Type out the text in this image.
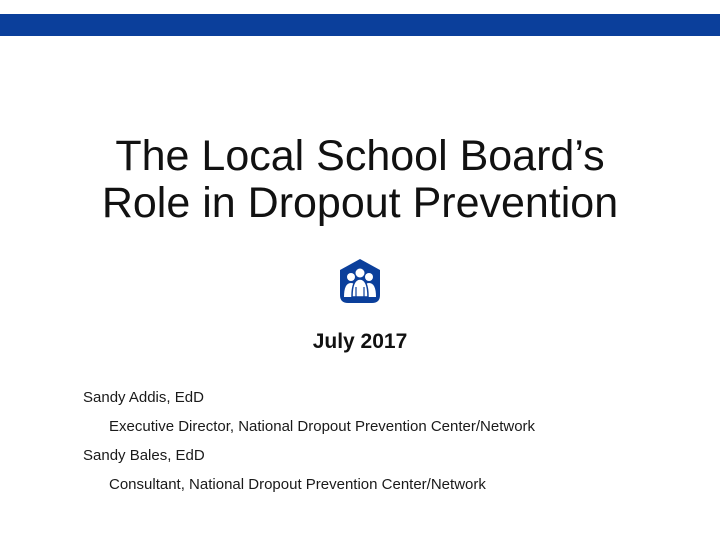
The Local School Board’s
Role in Dropout Prevention
July 2017
Sandy Addis, EdD
Executive Director, National Dropout Prevention Center/Network
Sandy Bales, EdD
Consultant, National Dropout Prevention Center/Network
